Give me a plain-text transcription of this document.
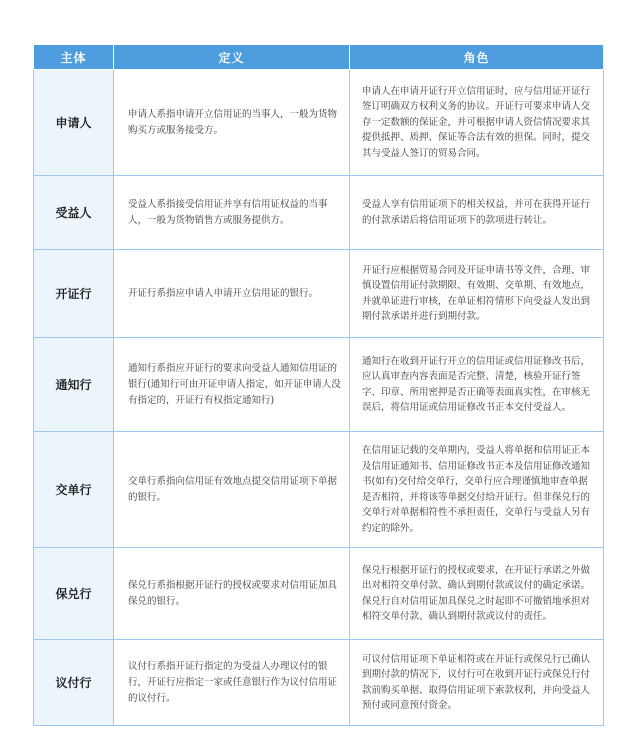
主体	定义	角色
申请人	申请人系指申请开立信用证的当事人，一般为货物购买方或服务接受方。	申请人在申请开证行开立信用证时，应与信用证开证行签订明确双方权利义务的协议。开证行可要求申请人交存一定数额的保证金，并可根据申请人资信情况要求其提供抵押、质押、保证等合法有效的担保。同时，提交其与受益人签订的贸易合同。
受益人	受益人系指接受信用证并享有信用证权益的当事人，一般为货物销售方或服务提供方。	受益人享有信用证项下的相关权益，并可在获得开证行的付款承诺后将信用证项下的款项进行转让。
开证行	开证行系指应申请人申请开立信用证的银行。	开证行应根据贸易合同及开证申请书等文件，合理、审慎设置信用证付款期限、有效期、交单期、有效地点，并就单证进行审核，在单证相符情形下向受益人发出到期付款承诺并进行到期付款。
通知行	通知行系指应开证行的要求向受益人通知信用证的银行(通知行可由开证申请人指定，如开证申请人没有指定的，开证行有权指定通知行)	通知行在收到开证行开立的信用证或信用证修改书后，应认真审查内容表面是否完整、清楚，核验开证行签字、印章、所用密押是否正确等表面真实性，在审核无误后，将信用证或信用证修改书正本交付受益人。
交单行	交单行系指向信用证有效地点提交信用证项下单据的银行。	在信用证记载的交单期内，受益人将单据和信用证正本及信用证通知书、信用证修改书正本及信用证修改通知书(如有)交付给交单行，交单行应合理谨慎地审查单据是否相符，并将该等单据交付给开证行。但非保兑行的交单行对单据相符性不承担责任，交单行与受益人另有约定的除外。
保兑行	保兑行系指根据开证行的授权或要求对信用证加具保兑的银行。	保兑行根据开证行的授权或要求，在开证行承诺之外做出对相符交单付款、确认到期付款或议付的确定承诺。保兑行自对信用证加具保兑之时起即不可撤销地承担对相符交单付款、确认到期付款或议付的责任。
议付行	议付行系指开证行指定的为受益人办理议付的银行，开证行应指定一家或任意银行作为议付信用证的议付行。	可议付信用证项下单证相符或在开证行或保兑行已确认到期付款的情况下，议付行可在收到开证行或保兑行付款前购买单据、取得信用证项下索款权利，并向受益人预付或同意预付资金。
